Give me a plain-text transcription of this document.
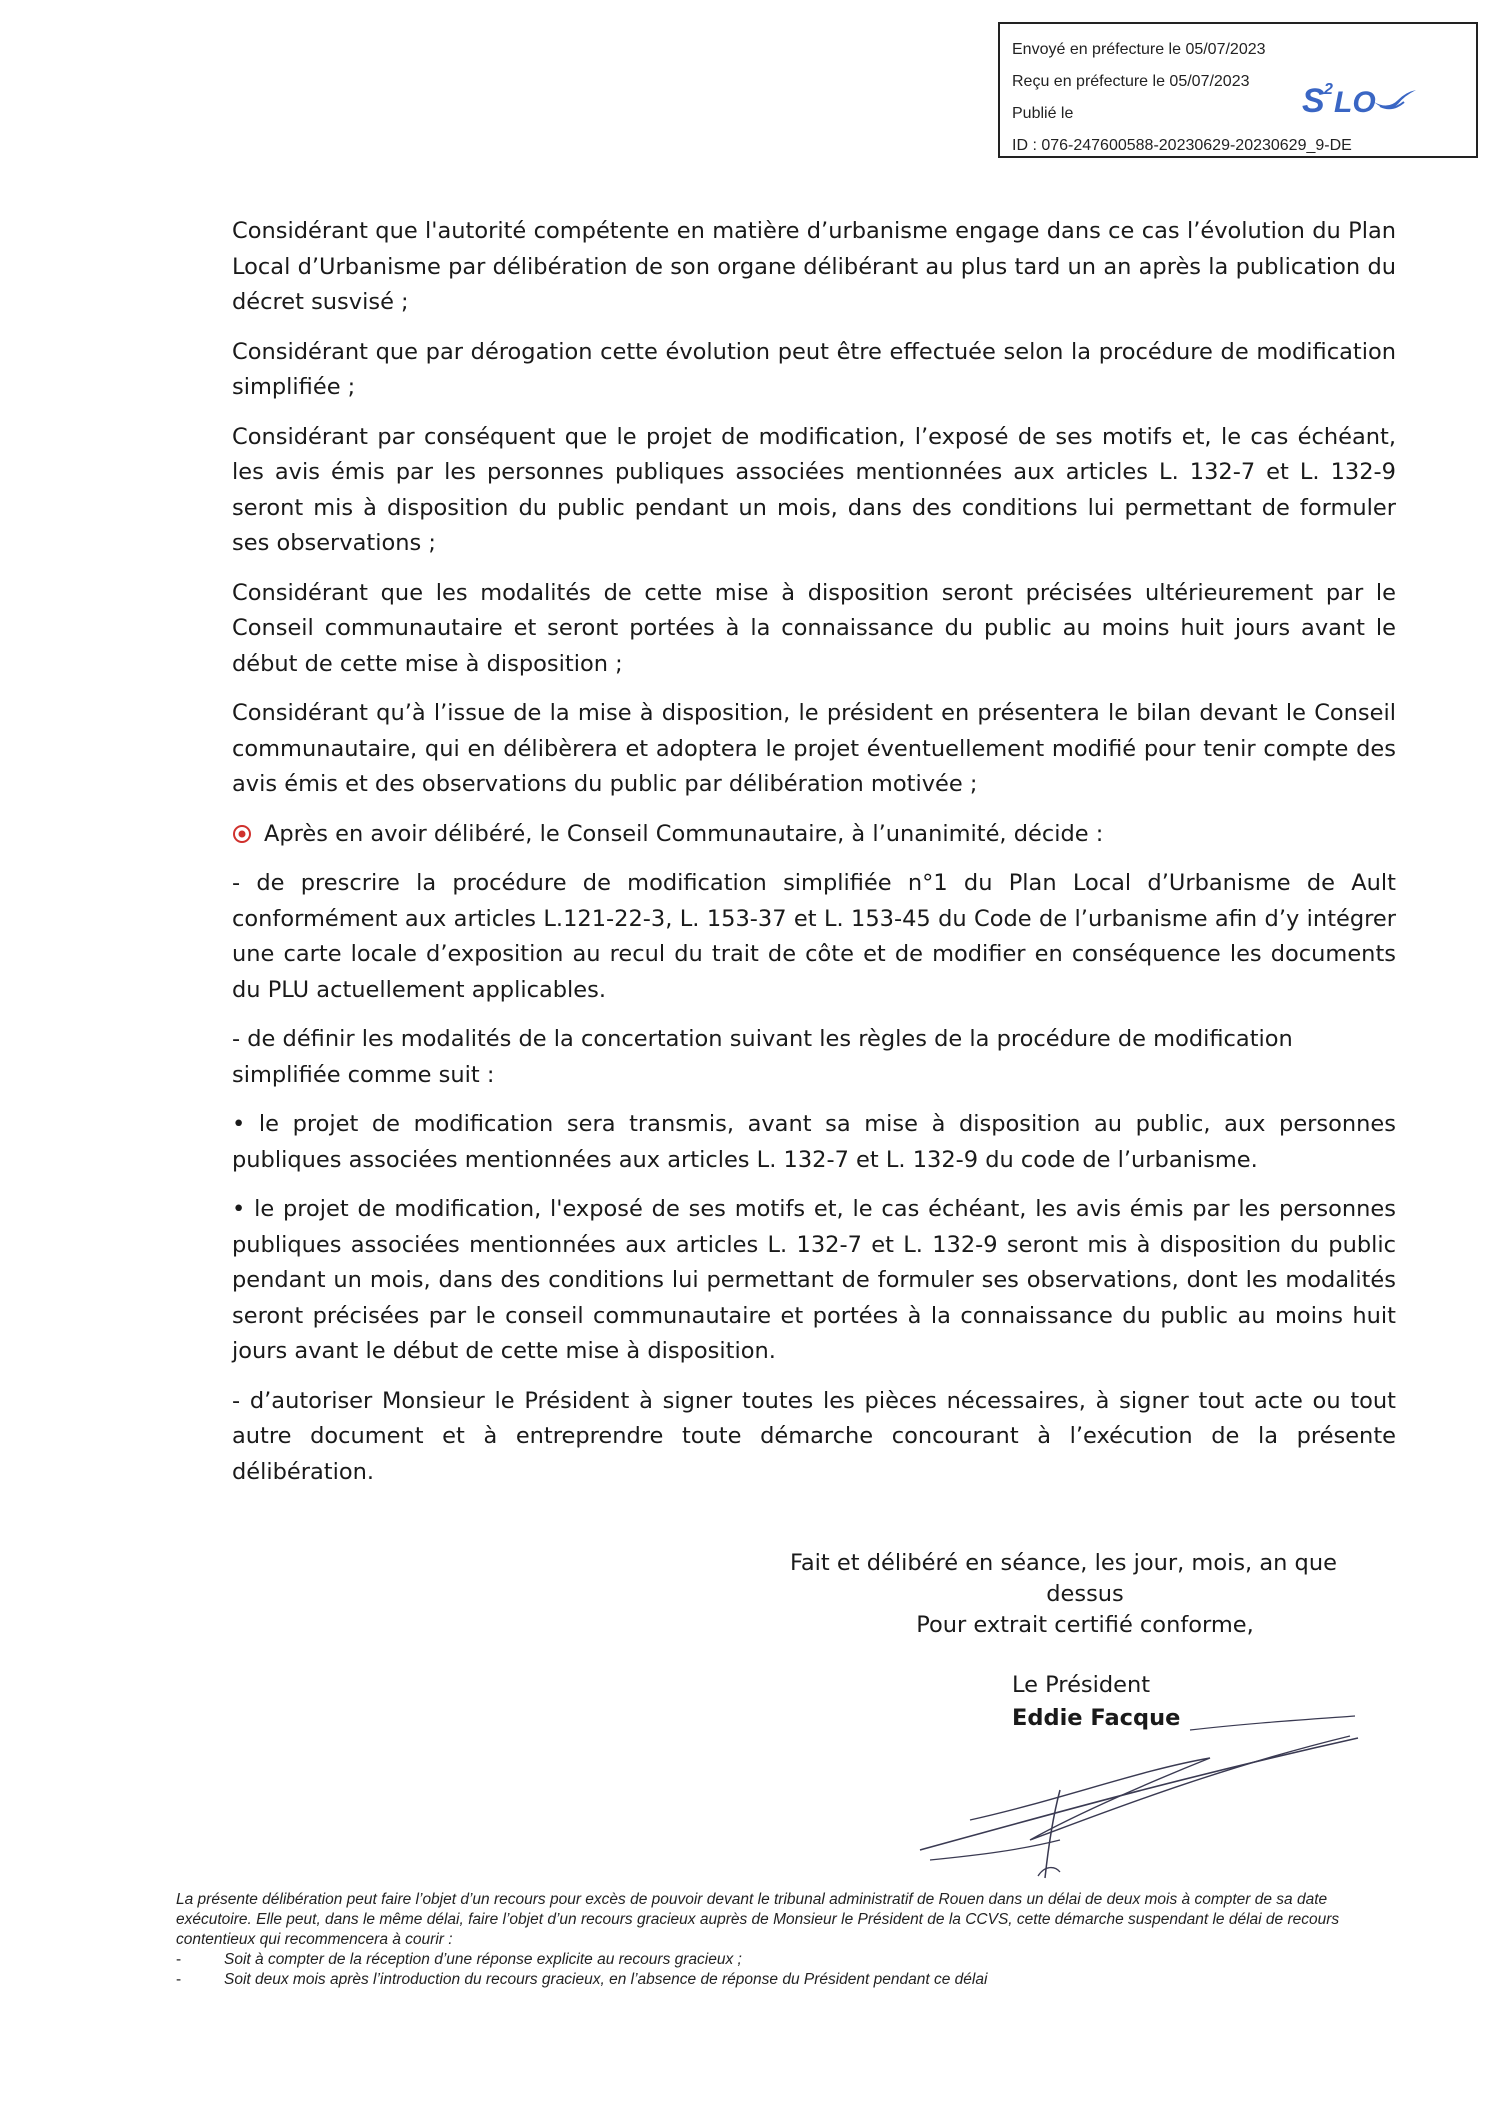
Envoyé en préfecture le 05/07/2023
Reçu en préfecture le 05/07/2023
Publié le
ID : 076-247600588-20230629-20230629_9-DE
S 2 LO

Considérant que l'autorité compétente en matière d’urbanisme engage dans ce cas l’évolution du Plan Local d’Urbanisme par délibération de son organe délibérant au plus tard un an après la publication du décret susvisé ;

Considérant que par dérogation cette évolution peut être effectuée selon la procédure de modification simplifiée ;

Considérant par conséquent que le projet de modification, l’exposé de ses motifs et, le cas échéant, les avis émis par les personnes publiques associées mentionnées aux articles L. 132-7 et L. 132-9 seront mis à disposition du public pendant un mois, dans des conditions lui permettant de formuler ses observations ;

Considérant que les modalités de cette mise à disposition seront précisées ultérieurement par le Conseil communautaire et seront portées à la connaissance du public au moins huit jours avant le début de cette mise à disposition ;

Considérant qu’à l’issue de la mise à disposition, le président en présentera le bilan devant le Conseil communautaire, qui en délibèrera et adoptera le projet éventuellement modifié pour tenir compte des avis émis et des observations du public par délibération motivée ;

Après en avoir délibéré, le Conseil Communautaire, à l’unanimité, décide :

- de prescrire la procédure de modification simplifiée n°1 du Plan Local d’Urbanisme de Ault conformément aux articles L.121-22-3, L. 153-37 et L. 153-45 du Code de l’urbanisme afin d’y intégrer une carte locale d’exposition au recul du trait de côte et de modifier en conséquence les documents du PLU actuellement applicables.

- de définir les modalités de la concertation suivant les règles de la procédure de modification simplifiée comme suit :

• le projet de modification sera transmis, avant sa mise à disposition au public, aux personnes publiques associées mentionnées aux articles L. 132-7 et L. 132-9 du code de l’urbanisme.

• le projet de modification, l'exposé de ses motifs et, le cas échéant, les avis émis par les personnes publiques associées mentionnées aux articles L. 132-7 et L. 132-9 seront mis à disposition du public pendant un mois, dans des conditions lui permettant de formuler ses observations, dont les modalités seront précisées par le conseil communautaire et portées à la connaissance du public au moins huit jours avant le début de cette mise à disposition.

- d’autoriser Monsieur le Président à signer toutes les pièces nécessaires, à signer tout acte ou tout autre document et à entreprendre toute démarche concourant à l’exécution de la présente délibération.

Fait et délibéré en séance, les jour, mois, an que
dessus
Pour extrait certifié conforme,
Le Président
Eddie Facque

La présente délibération peut faire l’objet d’un recours pour excès de pouvoir devant le tribunal administratif de Rouen dans un délai de deux mois à compter de sa date exécutoire. Elle peut, dans le même délai, faire l’objet d’un recours gracieux auprès de Monsieur le Président de la CCVS, cette démarche suspendant le délai de recours contentieux qui recommencera à courir :

-	Soit à compter de la réception d’une réponse explicite au recours gracieux ;
-	Soit deux mois après l’introduction du recours gracieux, en l’absence de réponse du Président pendant ce délai
